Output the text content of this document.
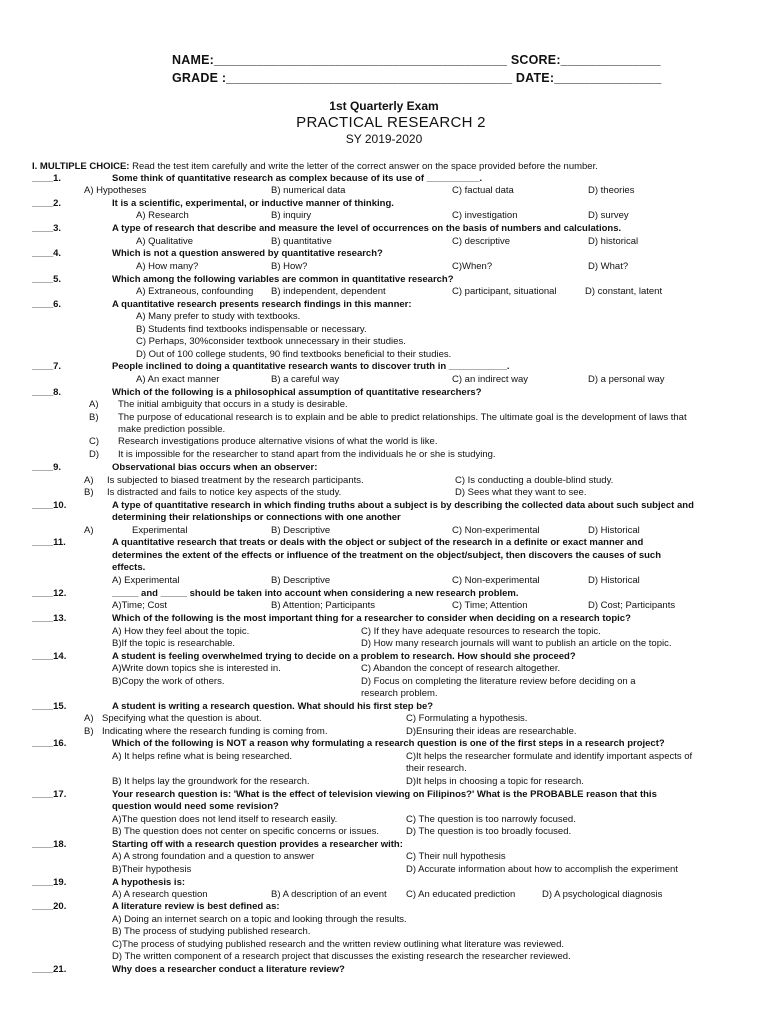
NAME:_________________________________________ SCORE:______________
GRADE :________________________________________ DATE:_______________
1st Quarterly Exam
PRACTICAL RESEARCH 2
SY 2019-2020
I. MULTIPLE CHOICE: Read the test item carefully and write the letter of the correct answer on the space provided before the number.
____1.	Some think of quantitative research as complex because of its use of __________.
A) Hypotheses	B) numerical data	C) factual data	D) theories
____2.	It is a scientific, experimental, or inductive manner of thinking.
A) Research	B) inquiry	C) investigation	D) survey
____3.	A type of research that describe and measure the level of occurrences on the basis of numbers and calculations.
A) Qualitative	B) quantitative	C) descriptive	D) historical
____4.	Which is not a question answered by quantitative research?
A) How many?	B) How?	C)When?	D) What?
____5.	Which among the following variables are common in quantitative research?
A) Extraneous, confounding B) independent, dependent	C) participant, situational	D) constant, latent
____6.	A quantitative research presents research findings in this manner:
A) Many prefer to study with textbooks.
B) Students find textbooks indispensable or necessary.
C) Perhaps, 30%consider textbook unnecessary in their studies.
D) Out of 100 college students, 90 find textbooks beneficial to their studies.
____7.	People inclined to doing a quantitative research wants to discover truth in ___________.
A) An exact manner	B) a careful way	C) an indirect way	D) a personal way
____8.	Which of the following is a philosophical assumption of quantitative researchers?
A) The initial ambiguity that occurs in a study is desirable.
B) The purpose of educational research is to explain and be able to predict relationships. The ultimate goal is the development of laws that
make prediction possible.
C) Research investigations produce alternative visions of what the world is like.
D) It is impossible for the researcher to stand apart from the individuals he or she is studying.
____9.	Observational bias occurs when an observer:
A) Is subjected to biased treatment by the research participants.	C) Is conducting a double-blind study.
B) Is distracted and fails to notice key aspects of the study.	D) Sees what they want to see.
____10.	A type of quantitative research in which finding truths about a subject is by describing the collected data about such subject and
determining their relationships or connections with one another
A)	Experimental	B) Descriptive	C) Non-experimental	D) Historical
____11.	A quantitative research that treats or deals with the object or subject of the research in a definite or exact manner and
determines the extent of the effects or influence of the treatment on the object/subject, then discovers the causes of such
effects.
A) Experimental	B) Descriptive	C) Non-experimental	D) Historical
____12.	_____ and _____ should be taken into account when considering a new research problem.
A)Time; Cost	B) Attention; Participants	C) Time; Attention	D) Cost; Participants
____13.	Which of the following is the most important thing for a researcher to consider when deciding on a research topic?
A) How they feel about the topic.	C) If they have adequate resources to research the topic.
B)If the topic is researchable.	D) How many research journals will want to publish an article on the topic.
____14.	A student is feeling overwhelmed trying to decide on a problem to research. How should she proceed?
A)Write down topics she is interested in.	C) Abandon the concept of research altogether.
B)Copy the work of others.	D) Focus on completing the literature review before deciding on a
research problem.
____15.	A student is writing a research question. What should his first step be?
A) Specifying what the question is about.	C) Formulating a hypothesis.
B) Indicating where the research funding is coming from.	D)Ensuring their ideas are researchable.
____16.	Which of the following is NOT a reason why formulating a research question is one of the first steps in a research project?
A) It helps refine what is being researched.	C)It helps the researcher formulate and identify important aspects of
their research.
B) It helps lay the groundwork for the research.	D)It helps in choosing a topic for research.
____17.	Your research question is: 'What is the effect of television viewing on Filipinos?' What is the PROBABLE reason that this
question would need some revision?
A)The question does not lend itself to research easily.	C) The question is too narrowly focused.
B) The question does not center on specific concerns or issues.	D) The question is too broadly focused.
____18.	Starting off with a research question provides a researcher with:
A) A strong foundation and a question to answer	C) Their null hypothesis
B)Their hypothesis	D) Accurate information about how to accomplish the experiment
____19.	A hypothesis is:
A) A research question	B) A description of an event C) An educated prediction	D) A psychological diagnosis
____20.	A literature review is best defined as:
A) Doing an internet search on a topic and looking through the results.
B) The process of studying published research.
C)The process of studying published research and the written review outlining what literature was reviewed.
D) The written component of a research project that discusses the existing research the researcher reviewed.
____21.	Why does a researcher conduct a literature review?
